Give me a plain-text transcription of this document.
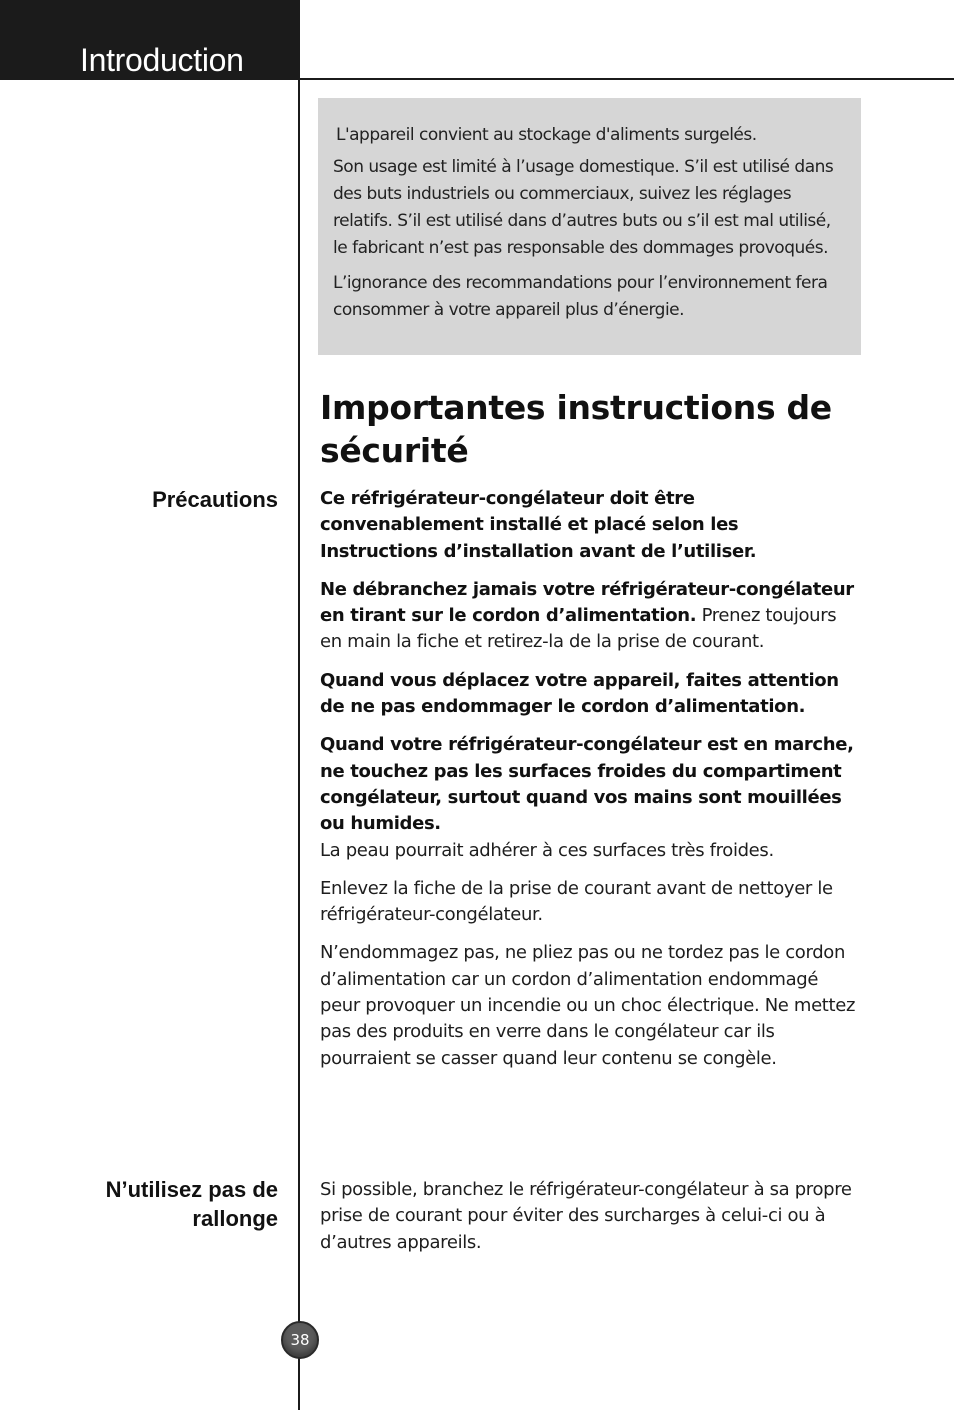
Introduction

L'appareil convient au stockage d'aliments surgelés.

Son usage est limité à l’usage domestique. S’il est utilisé dans des buts industriels ou commerciaux, suivez les réglages relatifs. S’il est utilisé dans d’autres buts ou s’il est mal utilisé, le fabricant n’est pas responsable des dommages provoqués.

L’ignorance des recommandations pour l’environnement fera consommer à votre appareil plus d’énergie.

Importantes instructions de sécurité
Précautions Ce réfrigérateur-congélateur doit être convenablement installé et placé selon les Instructions d’installation avant de l’utiliser.

Ne débranchez jamais votre réfrigérateur-congélateur en tirant sur le cordon d’alimentation. Prenez toujours en main la fiche et retirez-la de la prise de courant.

Quand vous déplacez votre appareil, faites attention de ne pas endommager le cordon d’alimentation.

Quand votre réfrigérateur-congélateur est en marche, ne touchez pas les surfaces froides du compartiment congélateur, surtout quand vos mains sont mouillées ou humides.
La peau pourrait adhérer à ces surfaces très froides.

Enlevez la fiche de la prise de courant avant de nettoyer le réfrigérateur-congélateur.

N’endommagez pas, ne pliez pas ou ne tordez pas le cordon d’alimentation car un cordon d’alimentation endommagé peur provoquer un incendie ou un choc électrique. Ne mettez pas des produits en verre dans le congélateur car ils pourraient se casser quand leur contenu se congèle.

N’utilisez pas de
rallonge

Si possible, branchez le réfrigérateur-congélateur à sa propre prise de courant pour éviter des surcharges à celui-ci ou à d’autres appareils.

38
